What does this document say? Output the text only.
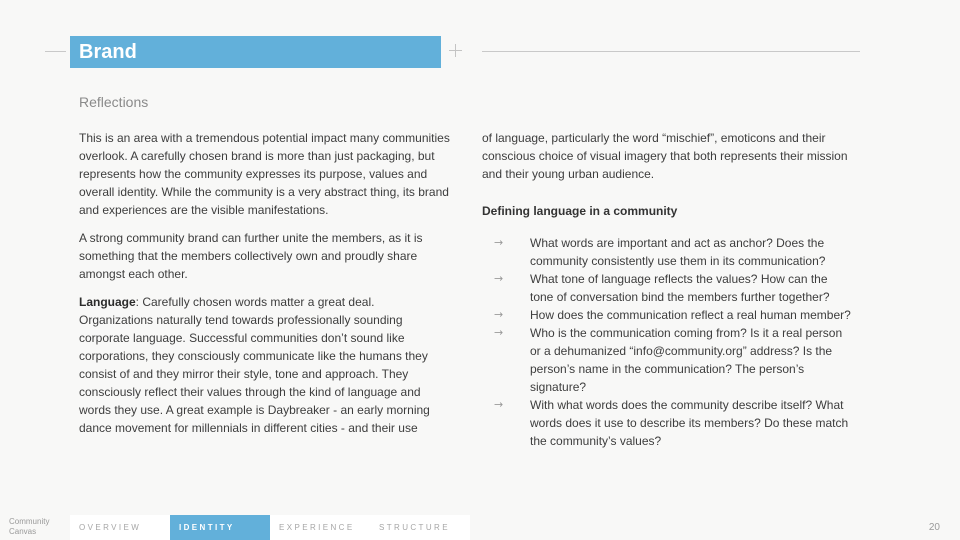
Brand
Reflections

This is an area with a tremendous potential impact many communities overlook. A carefully chosen brand is more than just packaging, but represents how the community expresses its purpose, values and overall identity. While the community is a very abstract thing, its brand and experiences are the visible manifestations.

A strong community brand can further unite the members, as it is something that the members collectively own and proudly share amongst each other.

Language: Carefully chosen words matter a great deal. Organizations naturally tend towards professionally sounding corporate language. Successful communities don’t sound like corporations, they consciously communicate like the humans they consist of and they mirror their style, tone and approach. They consciously reflect their values through the kind of language and words they use. A great example is Daybreaker - an early morning dance movement for millennials in different cities - and their use

of language, particularly the word “mischief”, emoticons and their conscious choice of visual imagery that both represents their mission and their young urban audience.

Defining language in a community
→ What words are important and act as anchor? Does the community consistently use them in its communication?
→ What tone of language reflects the values? How can the tone of conversation bind the members further together?
→ How does the communication reflect a real human member?
→ Who is the communication coming from? Is it a real person or a dehumanized “info@community.org” address? Is the person’s name in the communication? The person’s signature?
→ With what words does the community describe itself? What words does it use to describe its members? Do these match the community’s values?
Community Canvas	OVERVIEW	IDENTITY	EXPERIENCE	STRUCTURE	20
